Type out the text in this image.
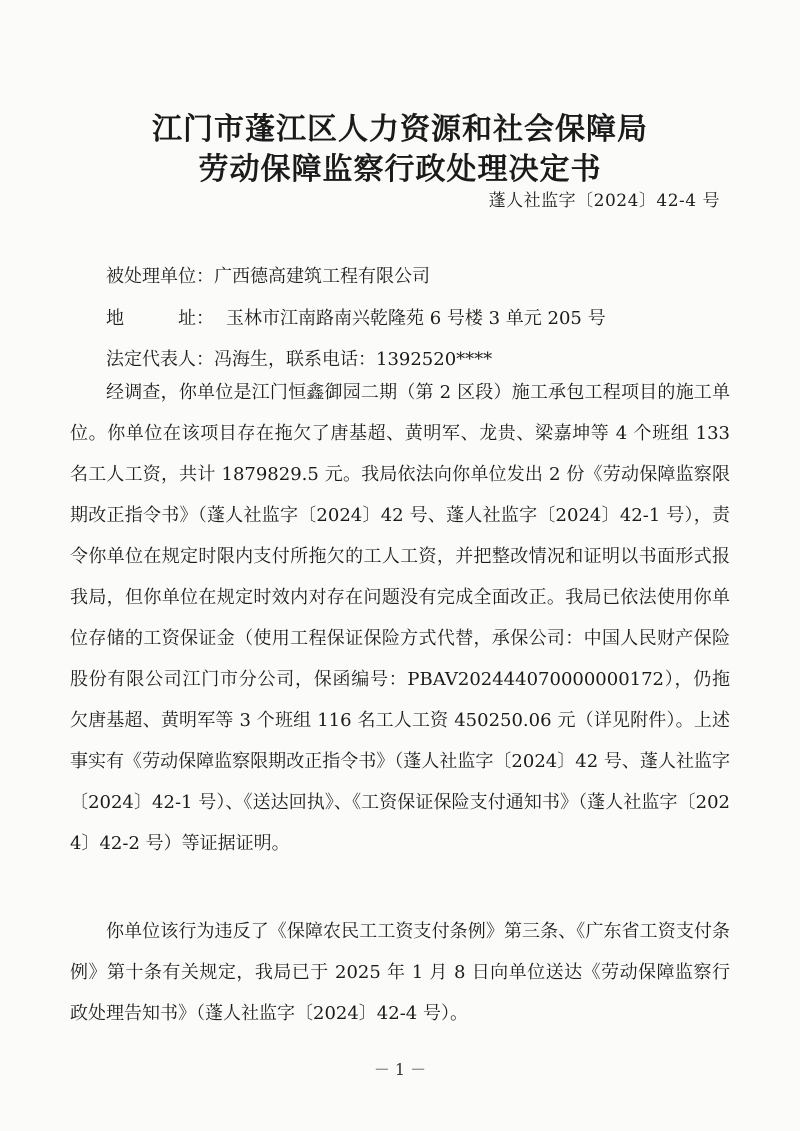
江门市蓬江区人力资源和社会保障局
劳动保障监察行政处理决定书
蓬人社监字〔2024〕42-4 号
被处理单位：广西德高建筑工程有限公司
地　　　址： 玉林市江南路南兴乾隆苑 6 号楼 3 单元 205 号
法定代表人：冯海生，联系电话：1392520****
经调查，你单位是江门恒鑫御园二期（第 2 区段）施工承包工程项目的施工单位。你单位在该项目存在拖欠了唐基超、黄明军、龙贵、梁嘉坤等 4 个班组 133 名工人工资，共计 1879829.5 元。我局依法向你单位发出 2 份《劳动保障监察限期改正指令书》（蓬人社监字〔2024〕42 号、蓬人社监字〔2024〕42-1 号），责令你单位在规定时限内支付所拖欠的工人工资，并把整改情况和证明以书面形式报我局，但你单位在规定时效内对存在问题没有完成全面改正。我局已依法使用你单位存储的工资保证金（使用工程保证保险方式代替，承保公司：中国人民财产保险股份有限公司江门市分公司，保函编号：PBAV202444070000000172），仍拖欠唐基超、黄明军等 3 个班组 116 名工人工资 450250.06 元（详见附件）。上述事实有《劳动保障监察限期改正指令书》（蓬人社监字〔2024〕42 号、蓬人社监字〔2024〕42-1 号）、《送达回执》、《工资保证保险支付通知书》（蓬人社监字〔2024〕42-2 号）等证据证明。
你单位该行为违反了《保障农民工工资支付条例》第三条、《广东省工资支付条例》第十条有关规定，我局已于 2025 年 1 月 8 日向单位送达《劳动保障监察行政处理告知书》（蓬人社监字〔2024〕42-4 号）。
－ 1 －
